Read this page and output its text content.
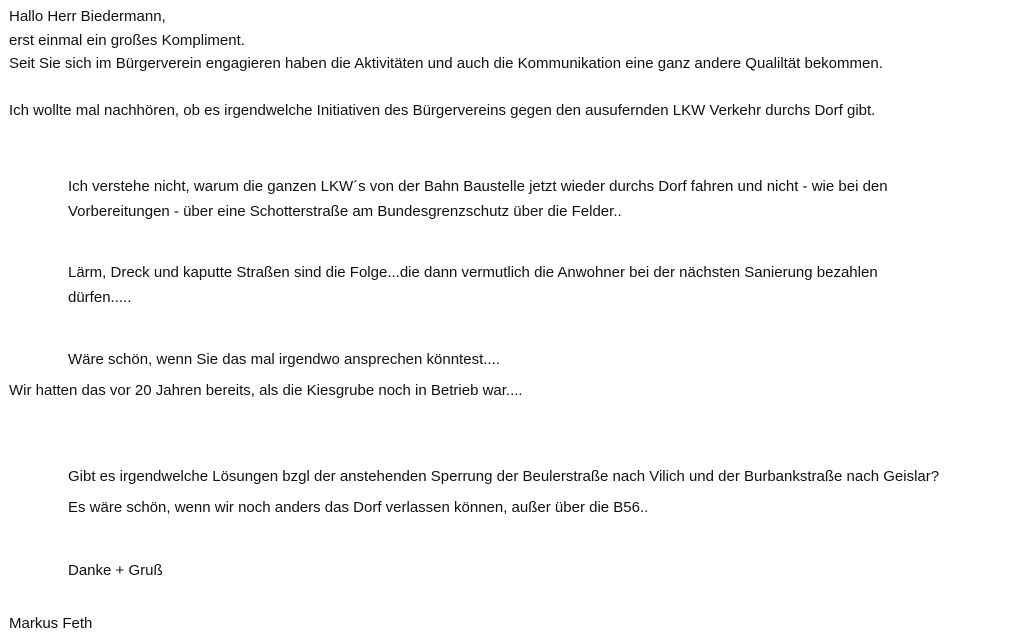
Hallo Herr Biedermann,

erst einmal ein großes Kompliment.

Seit Sie sich im Bürgerverein engagieren haben die Aktivitäten und auch die Kommunikation eine ganz andere Qualiltät bekommen.

Ich wollte mal nachhören, ob es irgendwelche Initiativen des Bürgervereins gegen den ausufernden LKW Verkehr durchs Dorf gibt.

Ich verstehe nicht, warum die ganzen LKW´s von der Bahn Baustelle jetzt wieder durchs Dorf fahren und nicht - wie bei den

Vorbereitungen - über eine Schotterstraße am Bundesgrenzschutz über die Felder..

Lärm, Dreck und kaputte Straßen sind die Folge...die dann vermutlich die Anwohner bei der nächsten Sanierung bezahlen

dürfen.....

Wäre schön, wenn Sie das mal irgendwo ansprechen könntest....

Wir hatten das vor 20 Jahren bereits, als die Kiesgrube noch in Betrieb war....

Gibt es irgendwelche Lösungen bzgl der anstehenden Sperrung der Beulerstraße nach Vilich und der Burbankstraße nach Geislar?

Es wäre schön, wenn wir noch anders das Dorf verlassen können, außer über die B56..

Danke + Gruß

Markus Feth
